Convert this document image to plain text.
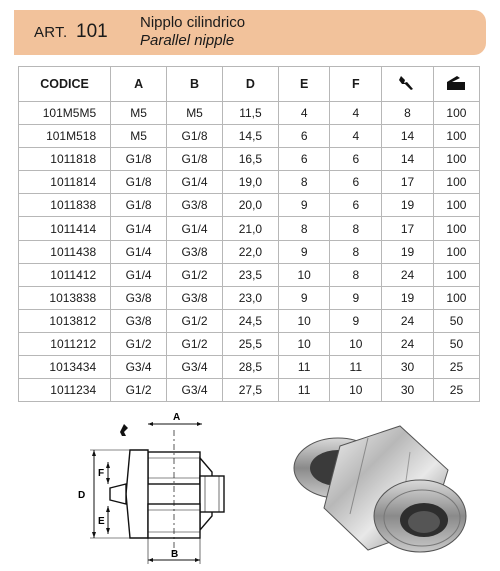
ART. 101 Nipplo cilindrico
Parallel nipple
CODICE	A	B	D	E	F		
101M5M5	M5	M5	11,5	4	4	8	100
101M518	M5	G1/8	14,5	6	4	14	100
1011818	G1/8	G1/8	16,5	6	6	14	100
1011814	G1/8	G1/4	19,0	8	6	17	100
1011838	G1/8	G3/8	20,0	9	6	19	100
1011414	G1/4	G1/4	21,0	8	8	17	100
1011438	G1/4	G3/8	22,0	9	8	19	100
1011412	G1/4	G1/2	23,5	10	8	24	100
1013838	G3/8	G3/8	23,0	9	9	19	100
1013812	G3/8	G1/2	24,5	10	9	24	50
1011212	G1/2	G1/2	25,5	10	10	24	50
1013434	G3/4	G3/4	28,5	11	11	30	25
1011234	G1/2	G3/4	27,5	11	10	30	25
A
D
F
E
B
